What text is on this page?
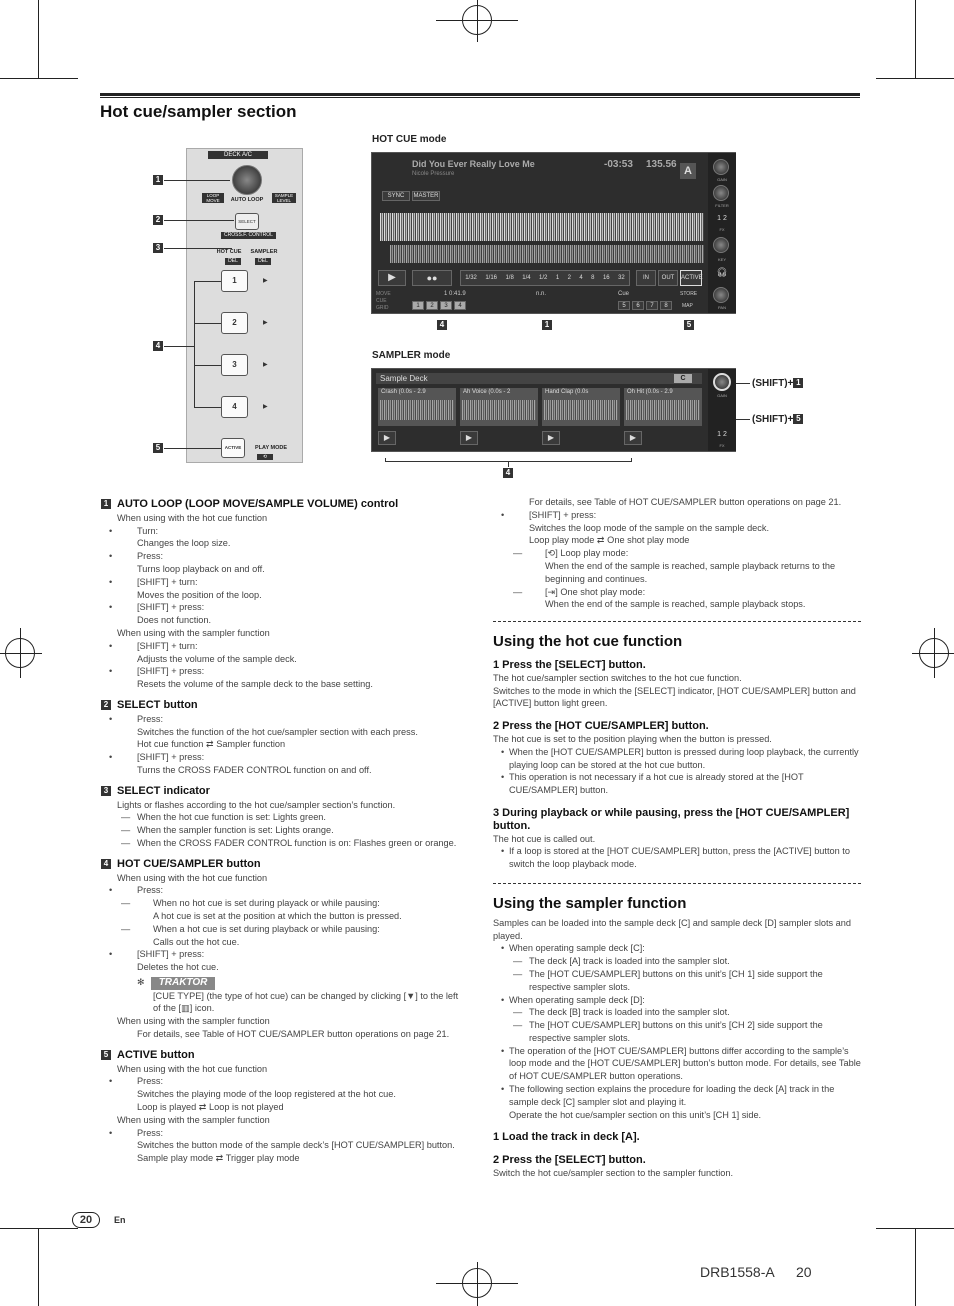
Hot cue/sampler section
DECK A/C
LOOP MOVE	AUTO LOOP
SAMPLE LEVEL
SELECT
CROSS.F. CONTROL
HOT CUE	SAMPLER
DEL	DEL
▶
▶
▶
▶
PLAY MODE
⟲
1
2
3
4
ACTIVE
1
2
3
4
5
HOT CUE mode
Did You Ever Really Love Me
Nicole Pressure
-03:53 135.56
A
SYNC	MASTER
▶	●●	1/32 1/16 1/8 1/4 1/2 1 2 4 8 16 32	IN	OUT	ACTIVE
MOVE
CUE
GRID
1 0:41.9	n.n.	Cue	STORE
MAP
1	2	3	4	5	6	7	8
GAIN
FILTER
1 2
FX
KEY
🎧︎
PAN
4	1	5
SAMPLER mode
Sample Deck	C
Crash (0.0s - 2.9	Ah Voice (0.0s - 2	Hand Clap (0.0s	Oh Hit (0.0s - 2.9
▶	▶	▶	▶
GAIN
1 2
FX
(SHIFT)+ 1
(SHIFT)+ 5
4
1 AUTO LOOP (LOOP MOVE/SAMPLE VOLUME) control
When using with the hot cue function
• Turn:
Changes the loop size.
• Press:
Turns loop playback on and off.
• [SHIFT] + turn:
Moves the position of the loop.
• [SHIFT] + press:
Does not function.
When using with the sampler function
• [SHIFT] + turn:
Adjusts the volume of the sample deck.
• [SHIFT] + press:
Resets the volume of the sample deck to the base setting.
2 SELECT button
• Press:
Switches the function of the hot cue/sampler section with each press.
Hot cue function ⇄ Sampler function
• [SHIFT] + press:
Turns the CROSS FADER CONTROL function on and off.
3 SELECT indicator
Lights or flashes according to the hot cue/sampler section’s function.
— When the hot cue function is set: Lights green.
— When the sampler function is set: Lights orange.
— When the CROSS FADER CONTROL function is on: Flashes green or orange.
4 HOT CUE/SAMPLER button
When using with the hot cue function
• Press:
— When no hot cue is set during playack or while pausing:
A hot cue is set at the position at which the button is pressed.
— When a hot cue is set during playback or while pausing:
Calls out the hot cue.
• [SHIFT] + press:
Deletes the hot cue.
✻ TRAKTOR
[CUE TYPE] (the type of hot cue) can be changed by clicking [▼] to the left of the [▥] icon.
When using with the sampler function
For details, see Table of HOT CUE/SAMPLER button operations on page 21.
5 ACTIVE button
When using with the hot cue function
• Press:
Switches the playing mode of the loop registered at the hot cue.
Loop is played ⇄ Loop is not played
When using with the sampler function
• Press:
Switches the button mode of the sample deck’s [HOT CUE/SAMPLER] button.
Sample play mode ⇄ Trigger play mode
For details, see Table of HOT CUE/SAMPLER button operations on page 21.
• [SHIFT] + press:
Switches the loop mode of the sample on the sample deck.
Loop play mode ⇄ One shot play mode
— [⟲] Loop play mode:
When the end of the sample is reached, sample playback returns to the beginning and continues.
— [⇥] One shot play mode:
When the end of the sample is reached, sample playback stops.
Using the hot cue function
1 Press the [SELECT] button.
The hot cue/sampler section switches to the hot cue function.
Switches to the mode in which the [SELECT] indicator, [HOT CUE/SAMPLER] button and [ACTIVE] button light green.
2 Press the [HOT CUE/SAMPLER] button.
The hot cue is set to the position playing when the button is pressed.
• When the [HOT CUE/SAMPLER] button is pressed during loop playback, the currently playing loop can be stored at the hot cue button.
• This operation is not necessary if a hot cue is already stored at the [HOT CUE/SAMPLER] button.
3 During playback or while pausing, press the [HOT CUE/SAMPLER] button.
The hot cue is called out.
• If a loop is stored at the [HOT CUE/SAMPLER] button, press the [ACTIVE] button to switch the loop playback mode.
Using the sampler function
Samples can be loaded into the sample deck [C] and sample deck [D] sampler slots and played.
• When operating sample deck [C]:
— The deck [A] track is loaded into the sampler slot.
— The [HOT CUE/SAMPLER] buttons on this unit’s [CH 1] side support the respective sampler slots.
• When operating sample deck [D]:
— The deck [B] track is loaded into the sampler slot.
— The [HOT CUE/SAMPLER] buttons on this unit’s [CH 2] side support the respective sampler slots.
• The operation of the [HOT CUE/SAMPLER] buttons differ according to the sample’s loop mode and the [HOT CUE/SAMPLER] button’s button mode. For details, see Table of HOT CUE/SAMPLER button operations.
• The following section explains the procedure for loading the deck [A] track in the sample deck [C] sampler slot and playing it.
Operate the hot cue/sampler section on this unit’s [CH 1] side.
1 Load the track in deck [A].
2 Press the [SELECT] button.
Switch the hot cue/sampler section to the sampler function.
20	En
DRB1558-A 20
